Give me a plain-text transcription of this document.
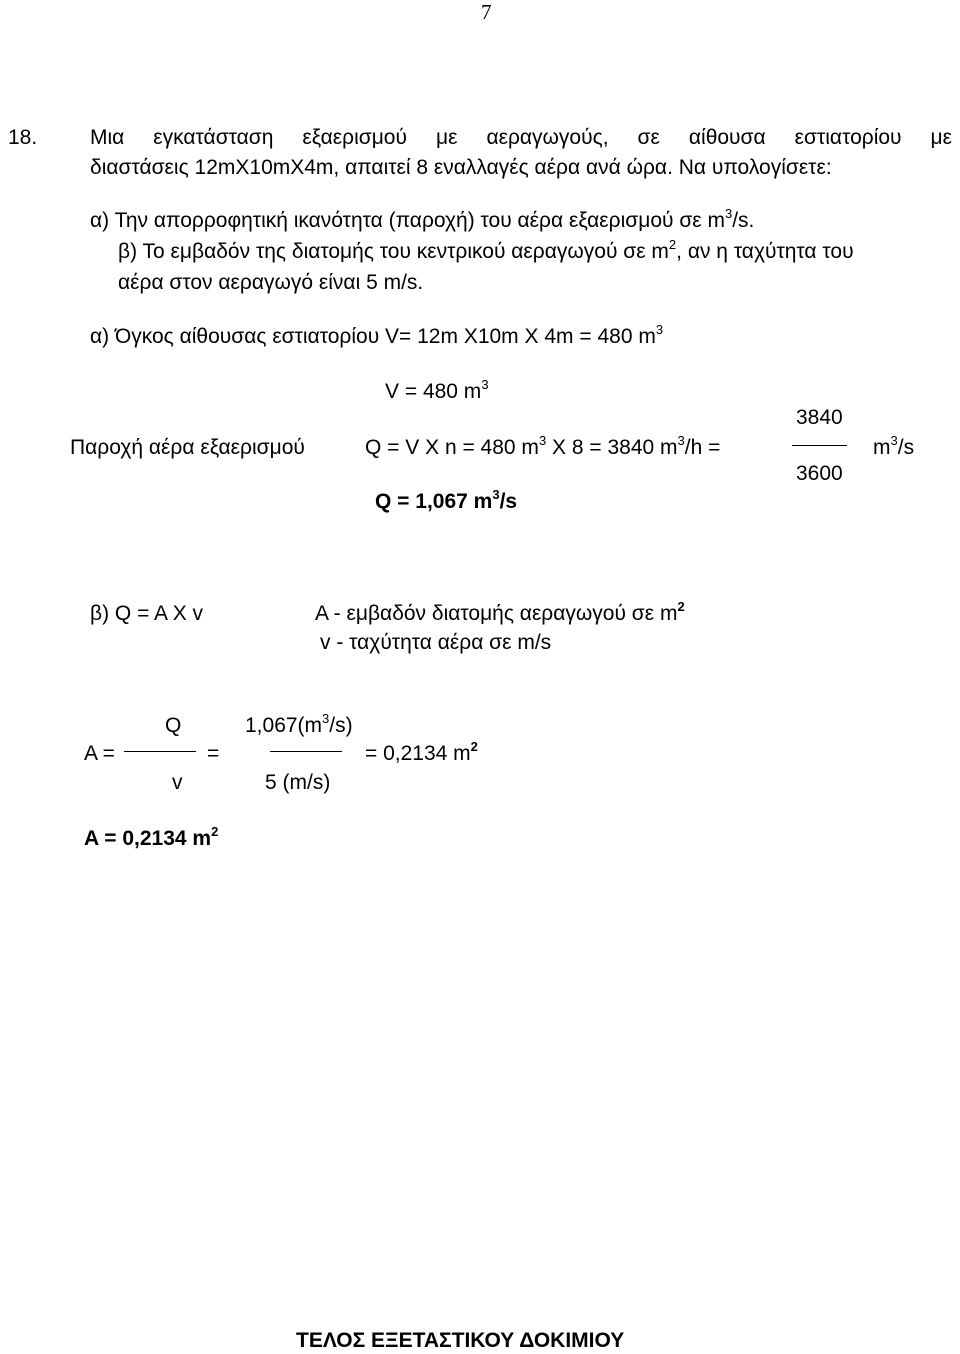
7
18.	Μια εγκατάσταση εξαερισμού με αεραγωγούς, σε αίθουσα εστιατορίου με
διαστάσεις 12mX10mX4m, απαιτεί 8 εναλλαγές αέρα ανά ώρα. Να υπολογίσετε:
α) Την απορροφητική ικανότητα (παροχή) του αέρα εξαερισμού σε $m^3/s$.
β) Το εμβαδόν της διατομής του κεντρικού αεραγωγού σε $m^2$, αν η ταχύτητα του
αέρα στον αεραγωγό είναι 5 m/s.
α) Όγκος αίθουσας εστιατορίου V= 12m X10m X 4m = 480 $m^3$
V = 480 $m^3$
3840
Παροχή αέρα εξαερισμού	Q = V X n = 480 $m^3$ X 8 = 3840 $m^3/h$ =	$m^3/s$
3600
Q = 1,067 $m^3/s$
β) Q = A X v	A - εμβαδόν διατομής αεραγωγού σε $m^2$
v - ταχύτητα αέρα σε m/s
Q	$1,067(m^3/s)$
A =	=	= 0,2134 $m^2$
v	5 (m/s)
A = 0,2134 $m^2$
ΤΕΛΟΣ ΕΞΕΤΑΣΤΙΚΟΥ ΔΟΚΙΜΙΟΥ
